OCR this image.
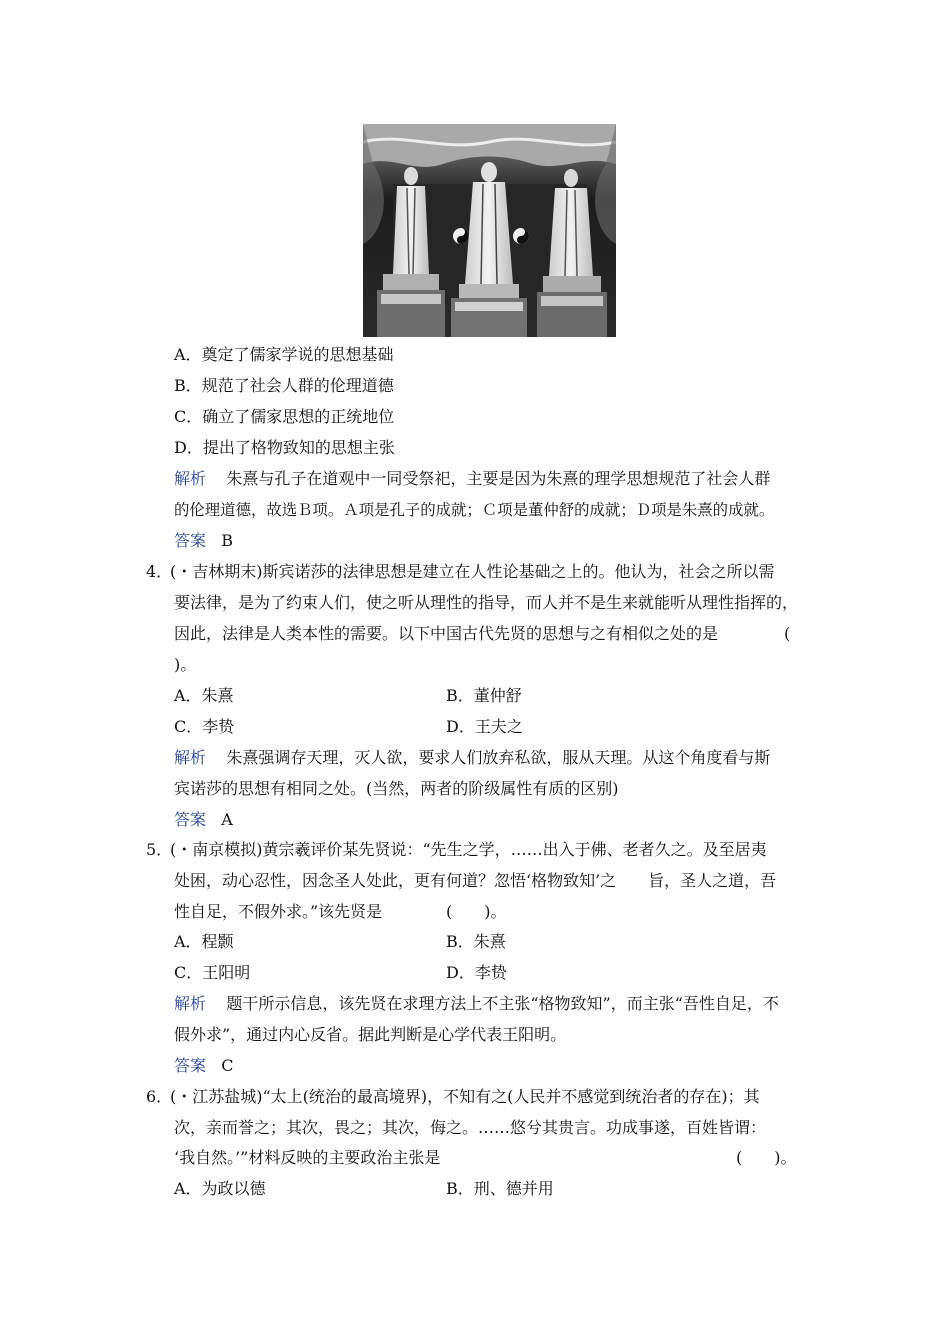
A．奠定了儒家学说的思想基础
B．规范了社会人群的伦理道德
C．确立了儒家思想的正统地位
D．提出了格物致知的思想主张
解析 朱熹与孔子在道观中一同受祭祀，主要是因为朱熹的理学思想规范了社会人群
的伦理道德，故选Ｂ项。Ａ项是孔子的成就；Ｃ项是董仲舒的成就；Ｄ项是朱熹的成就。
答案 B
4．
(・吉林期末)斯宾诺莎的法律思想是建立在人性论基础之上的。他认为，社会之所以需
要法律，是为了约束人们，使之听从理性的指导，而人并不是生来就能听从理性指挥的，
因此，法律是人类本性的需要。以下中国古代先贤的思想与之有相似之处的是	(
)。
A．朱熹	B．董仲舒
C．李贽	D．王夫之
解析 朱熹强调存天理，灭人欲，要求人们放弃私欲，服从天理。从这个角度看与斯
宾诺莎的思想有相同之处。(当然，两者的阶级属性有质的区别)
答案 A
5．
(・南京模拟)黄宗羲评价某先贤说：“先生之学，……出入于佛、老者久之。及至居夷
处困，动心忍性，因念圣人处此，更有何道？忽悟‘格物致知’之　　旨，圣人之道，吾
性自足，不假外求。”该先贤是	(　　)。
A．程颢	B．朱熹
C．王阳明	D．李贽
解析 题干所示信息，该先贤在求理方法上不主张“格物致知”，而主张“吾性自足，不
假外求”，通过内心反省。据此判断是心学代表王阳明。
答案 C
6．
(・江苏盐城)“太上(统治的最高境界)，不知有之(人民并不感觉到统治者的存在)；其
次，亲而誉之；其次，畏之；其次，侮之。……悠兮其贵言。功成事遂，百姓皆谓：
‘我自然。’”材料反映的主要政治主张是	(　　)。
A．为政以德	B．刑、德并用
